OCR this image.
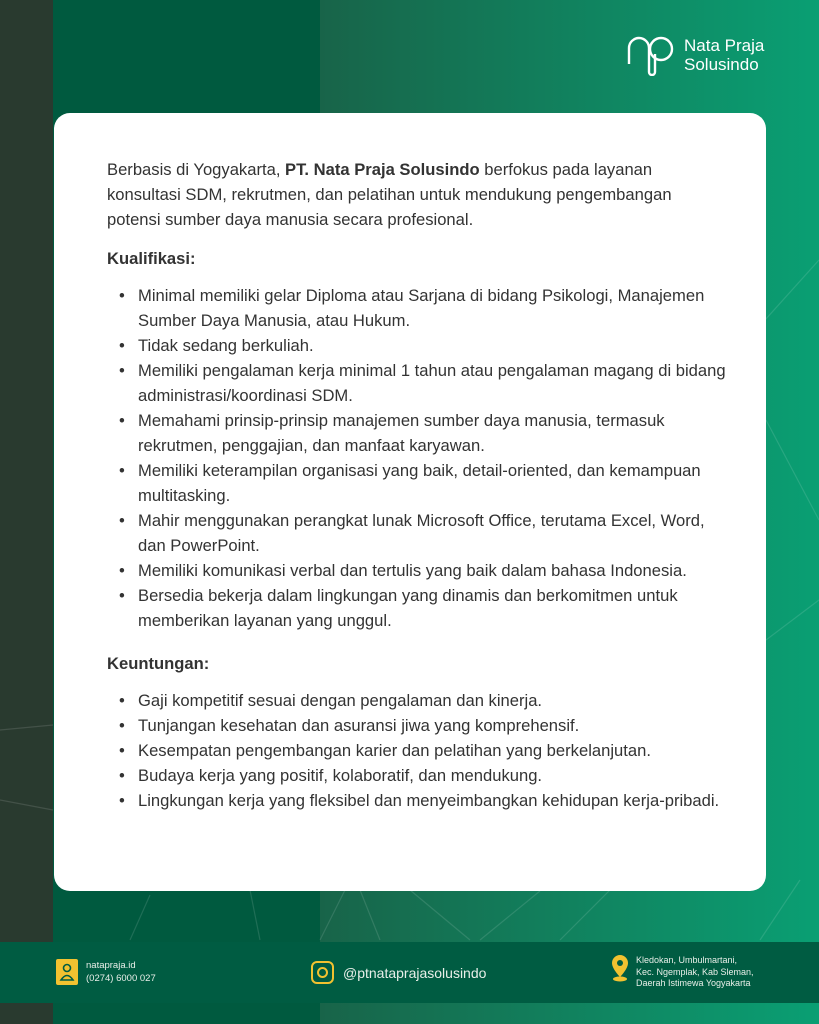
Nata Praja
Solusindo

Berbasis di Yogyakarta, PT. Nata Praja Solusindo berfokus pada layanan konsultasi SDM, rekrutmen, dan pelatihan untuk mendukung pengembangan potensi sumber daya manusia secara profesional.

Kualifikasi:
• Minimal memiliki gelar Diploma atau Sarjana di bidang Psikologi, Manajemen Sumber Daya Manusia, atau Hukum.
• Tidak sedang berkuliah.
• Memiliki pengalaman kerja minimal 1 tahun atau pengalaman magang di bidang administrasi/koordinasi SDM.
• Memahami prinsip-prinsip manajemen sumber daya manusia, termasuk rekrutmen, penggajian, dan manfaat karyawan.
• Memiliki keterampilan organisasi yang baik, detail-oriented, dan kemampuan multitasking.
• Mahir menggunakan perangkat lunak Microsoft Office, terutama Excel, Word, dan PowerPoint.
• Memiliki komunikasi verbal dan tertulis yang baik dalam bahasa Indonesia.
• Bersedia bekerja dalam lingkungan yang dinamis dan berkomitmen untuk memberikan layanan yang unggul.
Keuntungan:
• Gaji kompetitif sesuai dengan pengalaman dan kinerja.
• Tunjangan kesehatan dan asuransi jiwa yang komprehensif.
• Kesempatan pengembangan karier dan pelatihan yang berkelanjutan.
• Budaya kerja yang positif, kolaboratif, dan mendukung.
• Lingkungan kerja yang fleksibel dan menyeimbangkan kehidupan kerja-pribadi.
natapraja.id
(0274) 6000 027	@ptnataprajasolusindo
Kledokan, Umbulmartani,
Kec. Ngemplak, Kab Sleman,
Daerah Istimewa Yogyakarta
